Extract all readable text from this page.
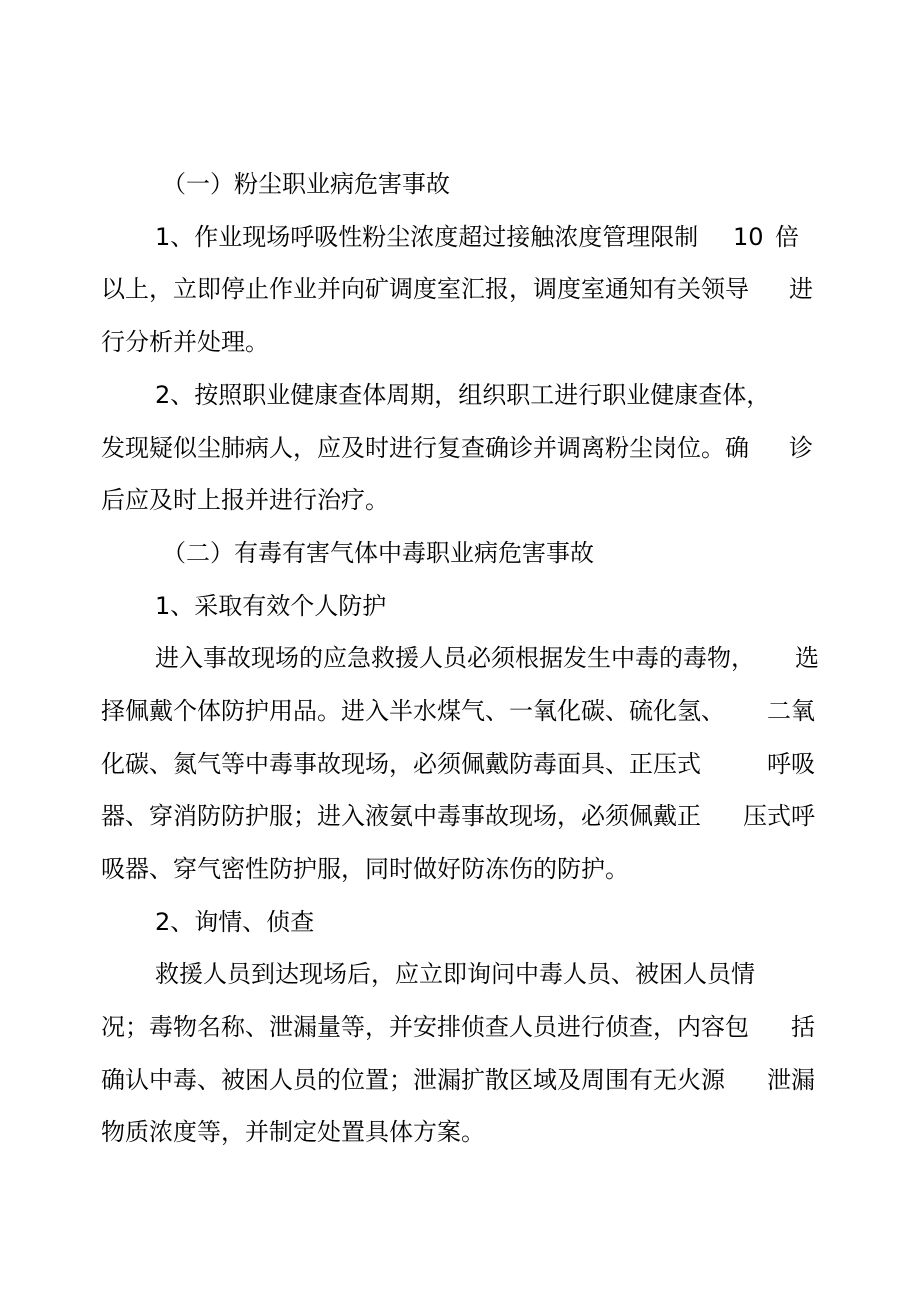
（一）粉尘职业病危害事故
1、作业现场呼吸性粉尘浓度超过接触浓度管理限制 10 倍
以上，立即停止作业并向矿调度室汇报，调度室通知有关领导 进
行分析并处理。
2、按照职业健康查体周期，组织职工进行职业健康查体，
发现疑似尘肺病人，应及时进行复查确诊并调离粉尘岗位。确 诊
后应及时上报并进行治疗。
（二）有毒有害气体中毒职业病危害事故
1、采取有效个人防护
进入事故现场的应急救援人员必须根据发生中毒的毒物， 选
择佩戴个体防护用品。进入半水煤气、一氧化碳、硫化氢、 二氧
化碳、氮气等中毒事故现场，必须佩戴防毒面具、正压式	呼吸
器、穿消防防护服；进入液氨中毒事故现场，必须佩戴正 压式呼
吸器、穿气密性防护服，同时做好防冻伤的防护。
2、询情、侦查
救援人员到达现场后，应立即询问中毒人员、被困人员情
况；毒物名称、泄漏量等，并安排侦查人员进行侦查，内容包 括
确认中毒、被困人员的位置；泄漏扩散区域及周围有无火源 泄漏
物质浓度等，并制定处置具体方案。
